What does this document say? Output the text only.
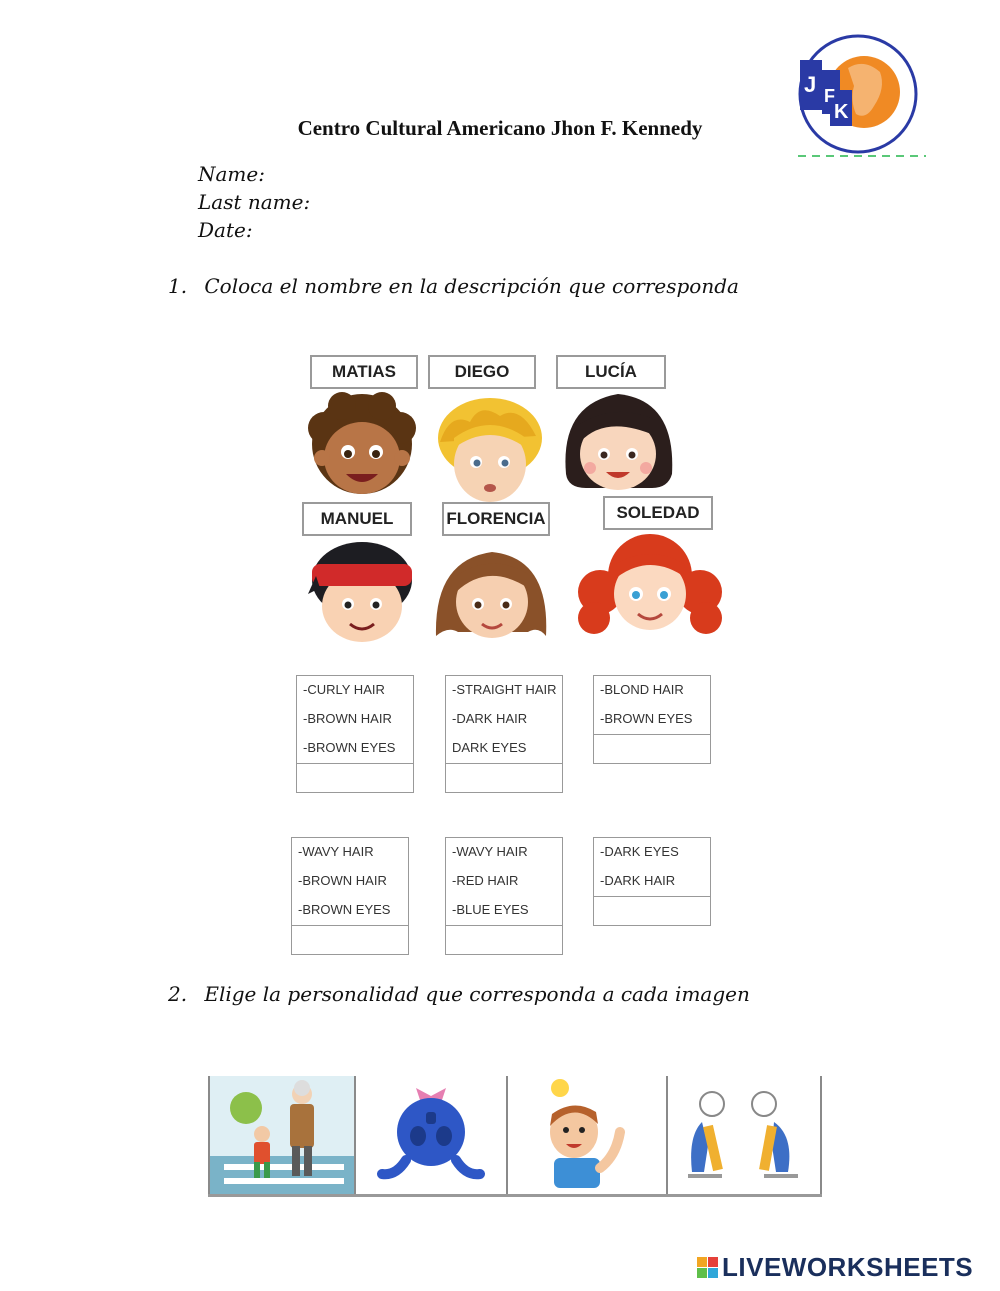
Centro Cultural Americano Jhon F. Kennedy
J F
K
Name:
Last name:
Date:
1. Coloca el nombre en la descripción que corresponda
MATIAS	DIEGO	LUCÍA
MANUEL	FLORENCIA	SOLEDAD
-CURLY HAIR
-BROWN HAIR
-BROWN EYES
-STRAIGHT HAIR
-DARK HAIR
DARK EYES
-BLOND HAIR
-BROWN EYES
-WAVY HAIR
-BROWN HAIR
-BROWN EYES
-WAVY HAIR
-RED HAIR
-BLUE EYES
-DARK EYES
-DARK HAIR
2. Elige la personalidad que corresponda a cada imagen
LIVEWORKSHEETS
